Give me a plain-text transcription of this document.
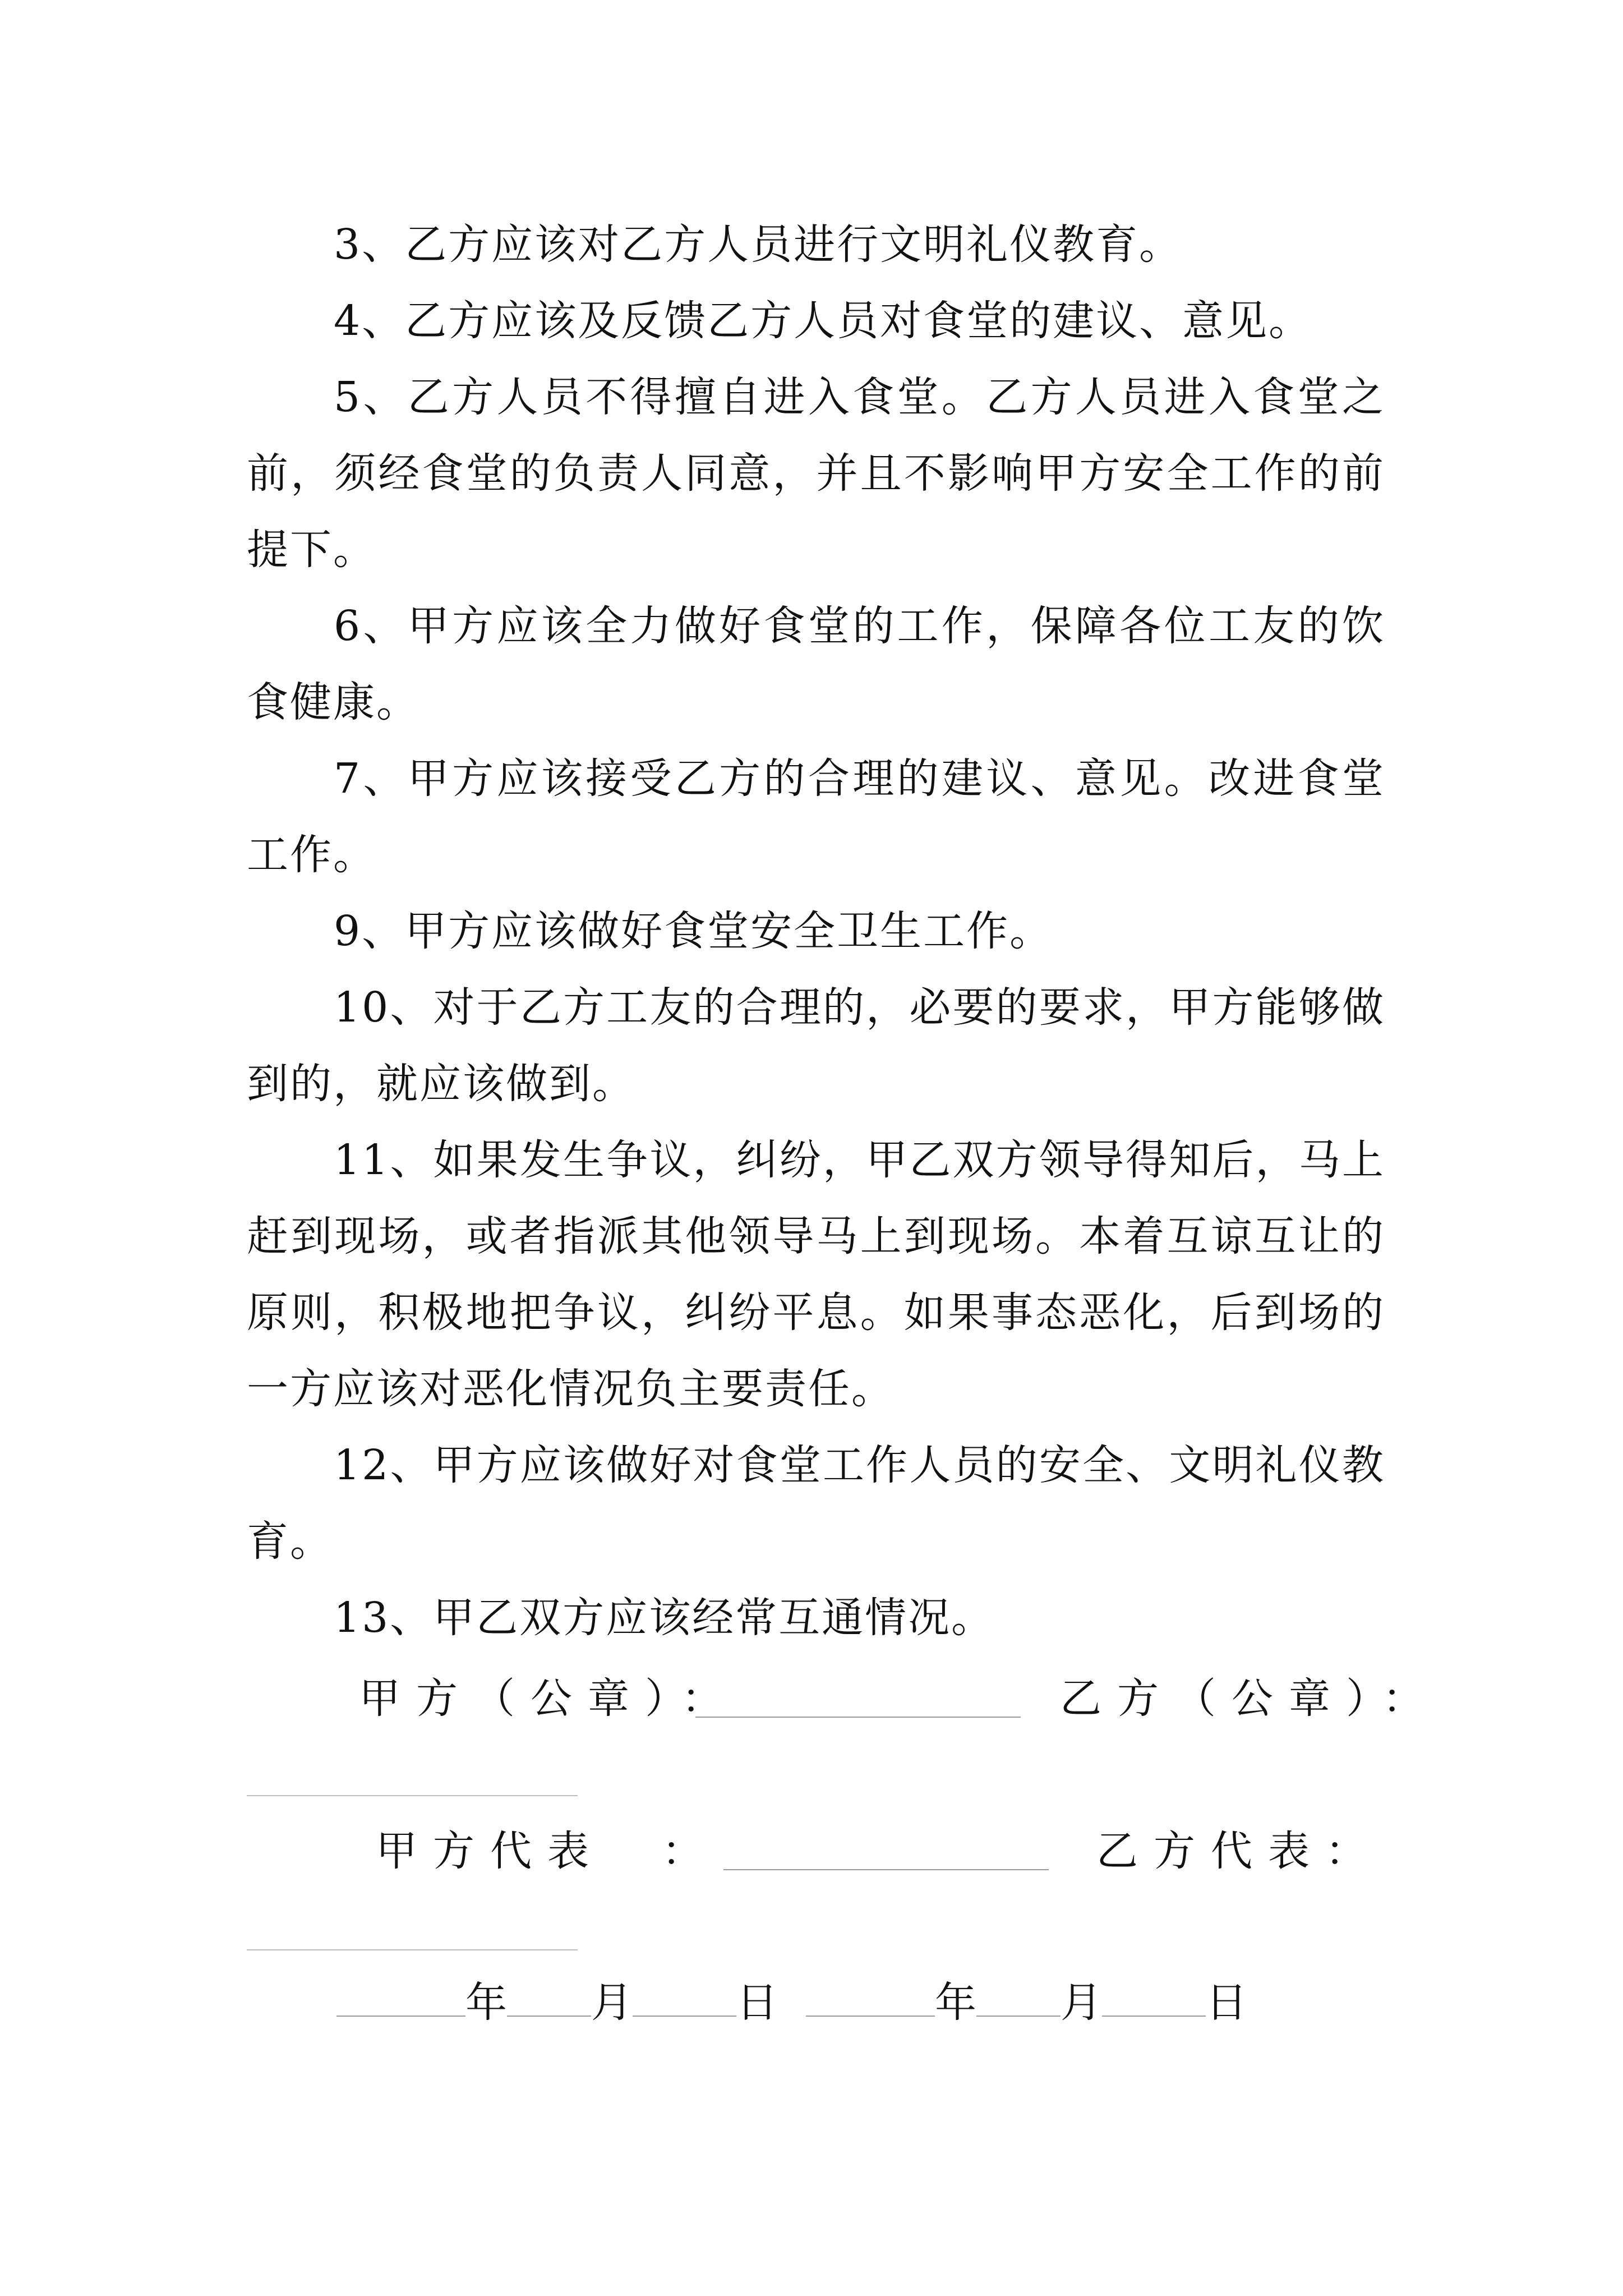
3、乙方应该对乙方人员进行文明礼仪教育。

4、乙方应该及反馈乙方人员对食堂的建议、意见。

5、乙方人员不得擅自进入食堂。乙方人员进入食堂之前，须经食堂的负责人同意，并且不影响甲方安全工作的前提下。

6、甲方应该全力做好食堂的工作，保障各位工友的饮食健康。

7、甲方应该接受乙方的合理的建议、意见。改进食堂工作。

9、甲方应该做好食堂安全卫生工作。

10、对于乙方工友的合理的，必要的要求，甲方能够做到的，就应该做到。

11、如果发生争议，纠纷，甲乙双方领导得知后，马上赶到现场，或者指派其他领导马上到现场。本着互谅互让的原则，积极地把争议，纠纷平息。如果事态恶化，后到场的一方应该对恶化情况负主要责任。

12、甲方应该做好对食堂工作人员的安全、文明礼仪教育。

13、甲乙双方应该经常互通情况。

甲方（公章）：	乙方（公章）：
甲方代表 ：	乙方代表：
年 月	日	年 月	日
